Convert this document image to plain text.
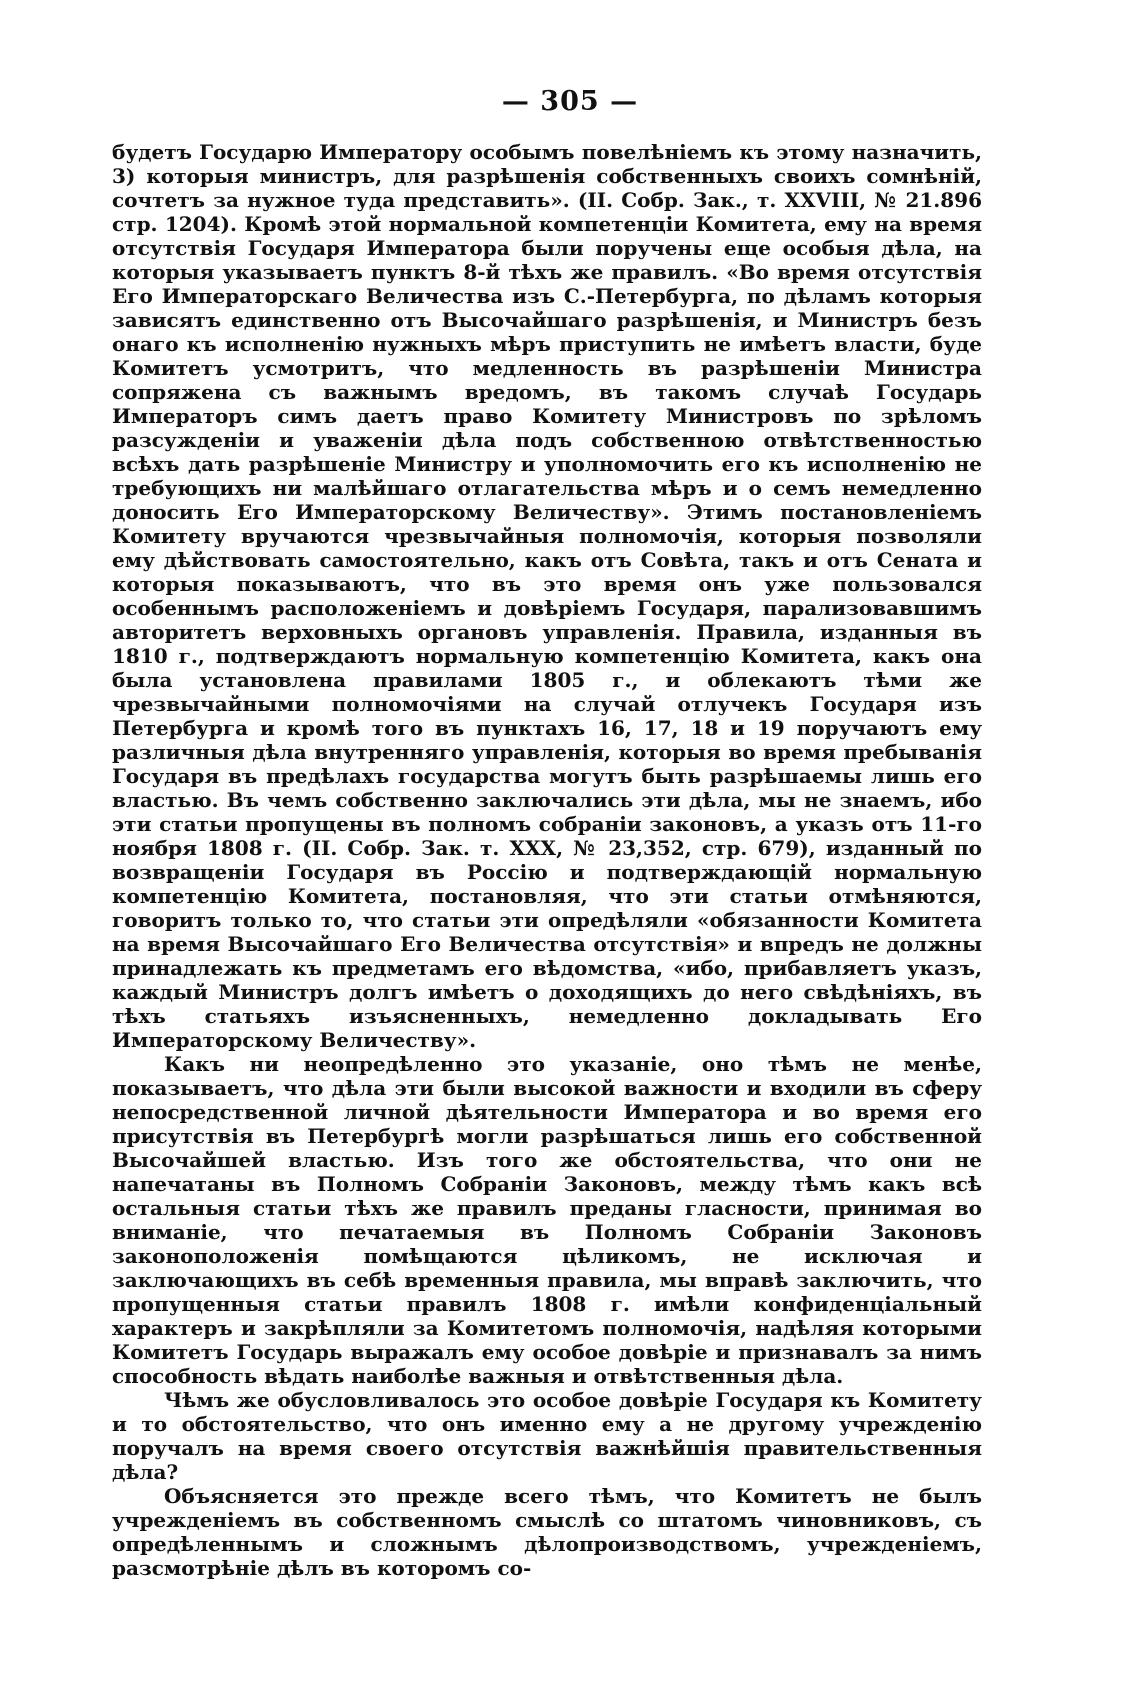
— 305 —

будетъ Государю Императору особымъ повелѣніемъ къ этому назначить, 3) которыя министръ, для разрѣшенія собственныхъ своихъ сомнѣній, сочтетъ за нужное туда представить». (II. Собр. Зак., т. XXVIII, № 21.896 стр. 1204). Кромѣ этой нормальной компетенціи Комитета, ему на время отсутствія Государя Императора были поручены еще особыя дѣла, на которыя указываетъ пунктъ 8-й тѣхъ же правилъ. «Во время отсутствія Его Императорскаго Величества изъ С.-Петербурга, по дѣламъ которыя зависятъ единственно отъ Высочайшаго разрѣшенія, и Министръ безъ онаго къ исполненію нужныхъ мѣръ приступить не имѣетъ власти, буде Комитетъ усмотритъ, что медленность въ разрѣшеніи Министра сопряжена съ важнымъ вредомъ, въ такомъ случаѣ Государь Императоръ симъ даетъ право Комитету Министровъ по зрѣломъ разсужденіи и уваженіи дѣла подъ собственною отвѣтственностью всѣхъ дать разрѣшеніе Министру и уполномочить его къ исполненію не требующихъ ни малѣйшаго отлагательства мѣръ и о семъ немедленно доносить Его Императорскому Величеству». Этимъ постановленіемъ Комитету вручаются чрезвычайныя полномочія, которыя позволяли ему дѣйствовать самостоятельно, какъ отъ Совѣта, такъ и отъ Сената и которыя показываютъ, что въ это время онъ уже пользовался особеннымъ расположеніемъ и довѣріемъ Государя, парализовавшимъ авторитетъ верховныхъ органовъ управленія. Правила, изданныя въ 1810 г., подтверждаютъ нормальную компетенцію Комитета, какъ она была установлена правилами 1805 г., и облекаютъ тѣми же чрезвычайными полномочіями на случай отлучекъ Государя изъ Петербурга и кромѣ того въ пунктахъ 16, 17, 18 и 19 поручаютъ ему различныя дѣла внутренняго управленія, которыя во время пребыванія Государя въ предѣлахъ государства могутъ быть разрѣшаемы лишь его властью. Въ чемъ собственно заключались эти дѣла, мы не знаемъ, ибо эти статьи пропущены въ полномъ собраніи законовъ, а указъ отъ 11-го ноября 1808 г. (II. Собр. Зак. т. XXX, № 23,352, стр. 679), изданный по возвращеніи Государя въ Россію и подтверждающій нормальную компетенцію Комитета, постановляя, что эти статьи отмѣняются, говоритъ только то, что статьи эти опредѣляли «обязанности Комитета на время Высочайшаго Его Величества отсутствія» и впредъ не должны принадлежать къ предметамъ его вѣдомства, «ибо, прибавляетъ указъ, каждый Министръ долгъ имѣетъ о доходящихъ до него свѣдѣніяхъ, въ тѣхъ статьяхъ изъясненныхъ, немедленно докладывать Его Императорскому Величеству».

Какъ ни неопредѣленно это указаніе, оно тѣмъ не менѣе, показываетъ, что дѣла эти были высокой важности и входили въ сферу непосредственной личной дѣятельности Императора и во время его присутствія въ Петербургѣ могли разрѣшаться лишь его собственной Высочайшей властью. Изъ того же обстоятельства, что они не напечатаны въ Полномъ Собраніи Законовъ, между тѣмъ какъ всѣ остальныя статьи тѣхъ же правилъ преданы гласности, принимая во вниманіе, что печатаемыя въ Полномъ Собраніи Законовъ законоположенія помѣщаются цѣликомъ, не исключая и заключающихъ въ себѣ временныя правила, мы вправѣ заключить, что пропущенныя статьи правилъ 1808 г. имѣли конфиденціальный характеръ и закрѣпляли за Комитетомъ полномочія, надѣляя которыми Комитетъ Государь выражалъ ему особое довѣріе и признавалъ за нимъ способность вѣдать наиболѣе важныя и отвѣтственныя дѣла.

Чѣмъ же обусловливалось это особое довѣріе Государя къ Комитету и то обстоятельство, что онъ именно ему а не другому учрежденію поручалъ на время своего отсутствія важнѣйшія правительственныя дѣла?

Объясняется это прежде всего тѣмъ, что Комитетъ не былъ учрежденіемъ въ собственномъ смыслѣ со штатомъ чиновниковъ, съ опредѣленнымъ и сложнымъ дѣлопроизводствомъ, учрежденіемъ, разсмотрѣніе дѣлъ въ которомъ со-
